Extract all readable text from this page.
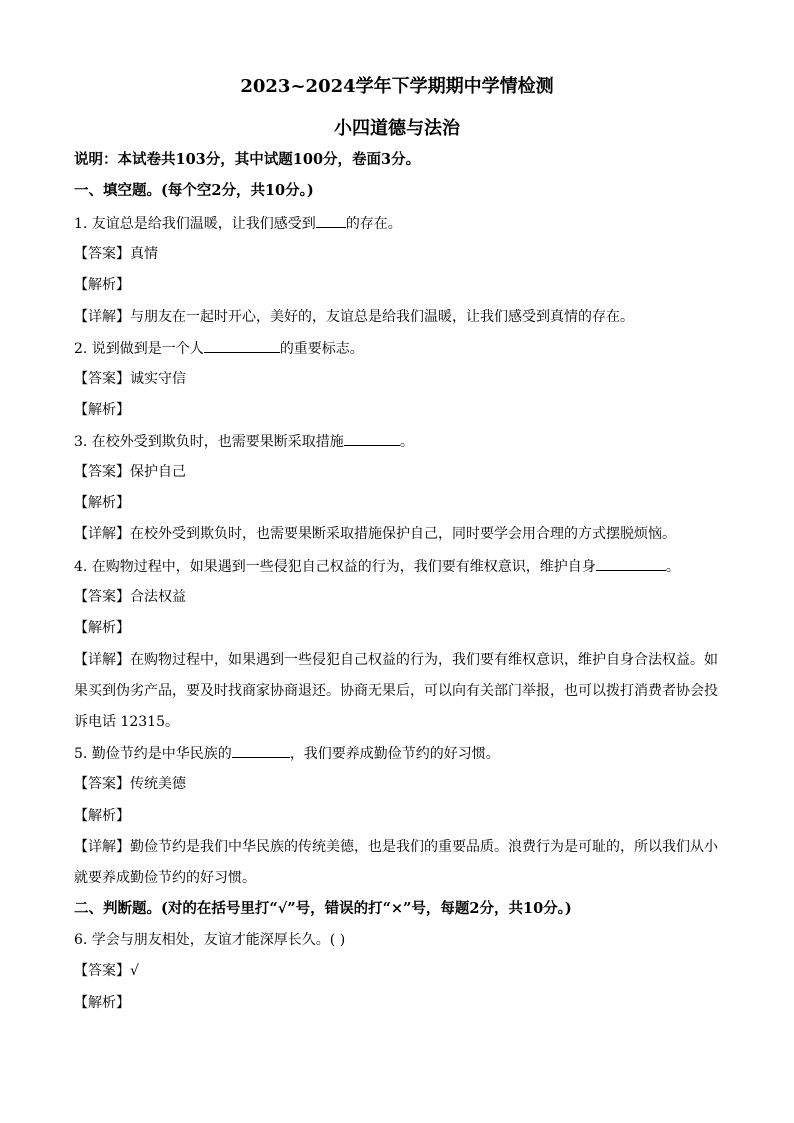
2023~2024学年下学期期中学情检测
小四道德与法治
说明：本试卷共103分，其中试题100分，卷面3分。
一、填空题。(每个空2分，共10分。)
1. 友谊总是给我们温暖，让我们感受到 的存在。
【答案】真情
【解析】
【详解】与朋友在一起时开心，美好的，友谊总是给我们温暖，让我们感受到真情的存在。
2. 说到做到是一个人	的重要标志。
【答案】诚实守信
【解析】
3. 在校外受到欺负时，也需要果断采取措施	。
【答案】保护自己
【解析】
【详解】在校外受到欺负时，也需要果断采取措施保护自己，同时要学会用合理的方式摆脱烦恼。
4. 在购物过程中，如果遇到一些侵犯自己权益的行为，我们要有维权意识，维护自身	。
【答案】合法权益
【解析】
【详解】在购物过程中，如果遇到一些侵犯自己权益的行为，我们要有维权意识，维护自身合法权益。如
果买到伪劣产品，要及时找商家协商退还。协商无果后，可以向有关部门举报，也可以拨打消费者协会投
诉电话 12315。
5. 勤俭节约是中华民族的	，我们要养成勤俭节约的好习惯。
【答案】传统美德
【解析】
【详解】勤俭节约是我们中华民族的传统美德，也是我们的重要品质。浪费行为是可耻的，所以我们从小
就要养成勤俭节约的好习惯。
二、判断题。(对的在括号里打“√”号，错误的打“×”号，每题2分，共10分。)
6. 学会与朋友相处，友谊才能深厚长久。( )
【答案】√
【解析】
